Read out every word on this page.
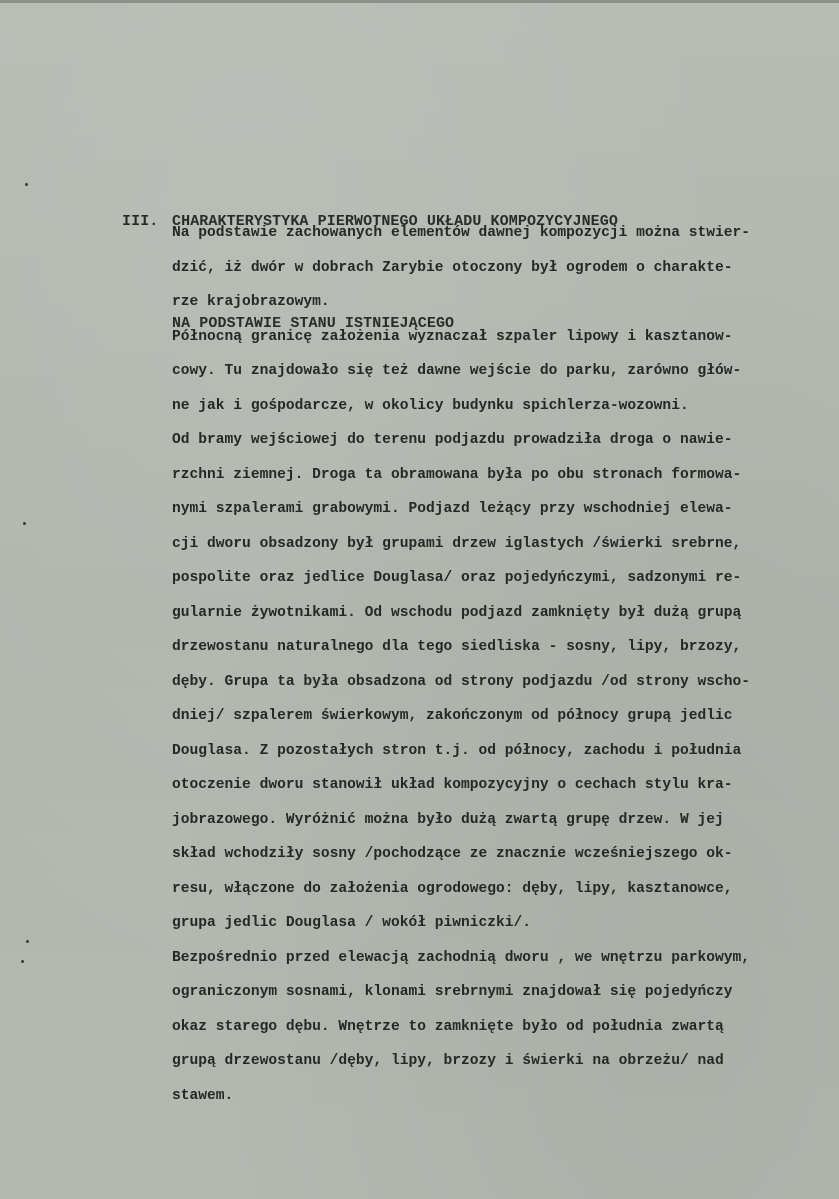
III. CHARAKTERYSTYKA PIERWOTNEGO UKŁADU KOMPOZYCYJNEGO

NA PODSTAWIE STANU ISTNIEJĄCEGO

Na podstawie zachowanych elementów dawnej kompozycji można stwier-
dzić, iż dwór w dobrach Zarybie otoczony był ogrodem o charakte-
rze krajobrazowym.
Północną granicę założenia wyznaczał szpaler lipowy i kasztanow-
cowy. Tu znajdowało się też dawne wejście do parku, zarówno głów-
ne jak i gośpodarcze, w okolicy budynku spichlerza-wozowni.
Od bramy wejściowej do terenu podjazdu prowadziła droga o nawie-
rzchni ziemnej. Droga ta obramowana była po obu stronach formowa-
nymi szpalerami grabowymi. Podjazd leżący przy wschodniej elewa-
cji dworu obsadzony był grupami drzew iglastych /świerki srebrne,
pospolite oraz jedlice Douglasa/ oraz pojedyńczymi, sadzonymi re-
gularnie żywotnikami. Od wschodu podjazd zamknięty był dużą grupą
drzewostanu naturalnego dla tego siedliska - sosny, lipy, brzozy,
dęby. Grupa ta była obsadzona od strony podjazdu /od strony wscho-
dniej/ szpalerem świerkowym, zakończonym od północy grupą jedlic
Douglasa. Z pozostałych stron t.j. od północy, zachodu i południa
otoczenie dworu stanowił układ kompozycyjny o cechach stylu kra-
jobrazowego. Wyróżnić można było dużą zwartą grupę drzew. W jej
skład wchodziły sosny /pochodzące ze znacznie wcześniejszego ok-
resu, włączone do założenia ogrodowego: dęby, lipy, kasztanowce,
grupa jedlic Douglasa / wokół piwniczki/.
Bezpośrednio przed elewacją zachodnią dworu , we wnętrzu parkowym,
ograniczonym sosnami, klonami srebrnymi znajdował się pojedyńczy
okaz starego dębu. Wnętrze to zamknięte było od południa zwartą
grupą drzewostanu /dęby, lipy, brzozy i świerki na obrzeżu/ nad
stawem.
